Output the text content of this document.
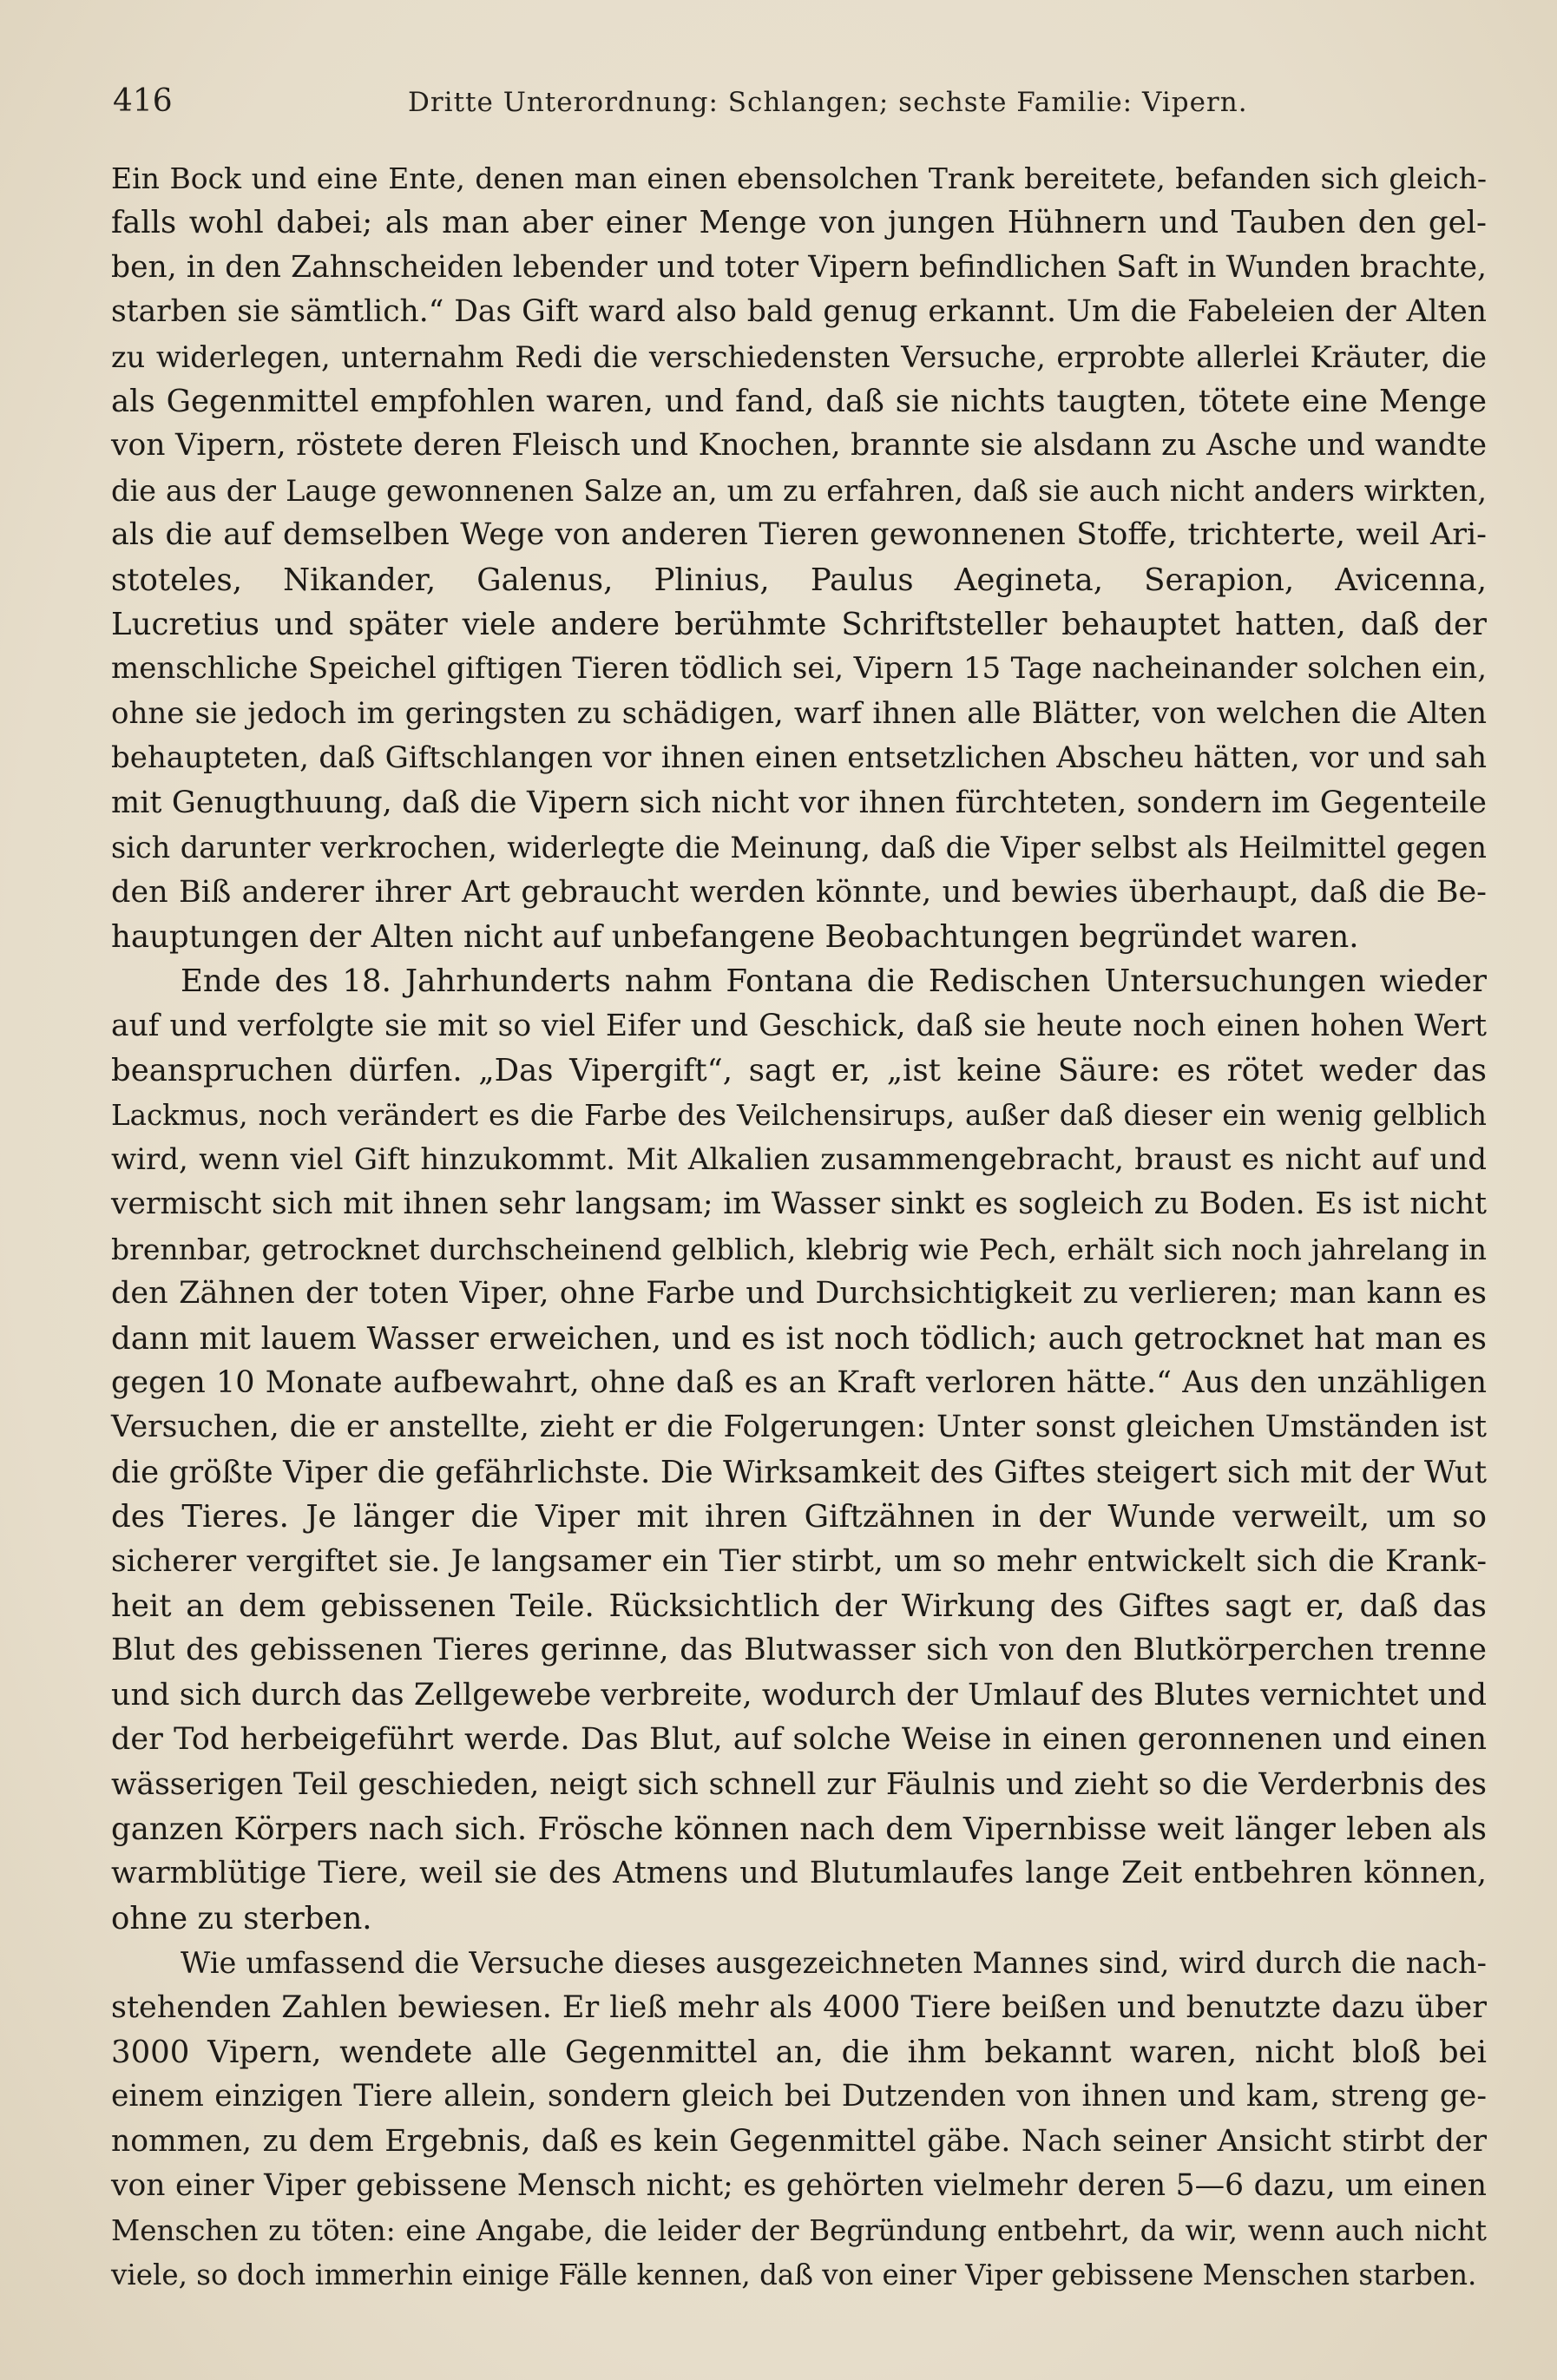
416	Dritte Unterordnung: Schlangen; sechste Familie: Vipern.
Ein Bock und eine Ente, denen man einen ebensolchen Trank bereitete, befanden sich gleich-
falls wohl dabei; als man aber einer Menge von jungen Hühnern und Tauben den gel-
ben, in den Zahnscheiden lebender und toter Vipern befindlichen Saft in Wunden brachte,
starben sie sämtlich.“ Das Gift ward also bald genug erkannt. Um die Fabeleien der Alten
zu widerlegen, unternahm Redi die verschiedensten Versuche, erprobte allerlei Kräuter, die
als Gegenmittel empfohlen waren, und fand, daß sie nichts taugten, tötete eine Menge
von Vipern, röstete deren Fleisch und Knochen, brannte sie alsdann zu Asche und wandte
die aus der Lauge gewonnenen Salze an, um zu erfahren, daß sie auch nicht anders wirkten,
als die auf demselben Wege von anderen Tieren gewonnenen Stoffe, trichterte, weil Ari-
stoteles, Nikander, Galenus, Plinius, Paulus Aegineta, Serapion, Avicenna,
Lucretius und später viele andere berühmte Schriftsteller behauptet hatten, daß der
menschliche Speichel giftigen Tieren tödlich sei, Vipern 15 Tage nacheinander solchen ein,
ohne sie jedoch im geringsten zu schädigen, warf ihnen alle Blätter, von welchen die Alten
behaupteten, daß Giftschlangen vor ihnen einen entsetzlichen Abscheu hätten, vor und sah
mit Genugthuung, daß die Vipern sich nicht vor ihnen fürchteten, sondern im Gegenteile
sich darunter verkrochen, widerlegte die Meinung, daß die Viper selbst als Heilmittel gegen
den Biß anderer ihrer Art gebraucht werden könnte, und bewies überhaupt, daß die Be-
hauptungen der Alten nicht auf unbefangene Beobachtungen begründet waren.
Ende des 18. Jahrhunderts nahm Fontana die Redischen Untersuchungen wieder
auf und verfolgte sie mit so viel Eifer und Geschick, daß sie heute noch einen hohen Wert
beanspruchen dürfen. „Das Vipergift“, sagt er, „ist keine Säure: es rötet weder das
Lackmus, noch verändert es die Farbe des Veilchensirups, außer daß dieser ein wenig gelblich
wird, wenn viel Gift hinzukommt. Mit Alkalien zusammengebracht, braust es nicht auf und
vermischt sich mit ihnen sehr langsam; im Wasser sinkt es sogleich zu Boden. Es ist nicht
brennbar, getrocknet durchscheinend gelblich, klebrig wie Pech, erhält sich noch jahrelang in
den Zähnen der toten Viper, ohne Farbe und Durchsichtigkeit zu verlieren; man kann es
dann mit lauem Wasser erweichen, und es ist noch tödlich; auch getrocknet hat man es
gegen 10 Monate aufbewahrt, ohne daß es an Kraft verloren hätte.“ Aus den unzähligen
Versuchen, die er anstellte, zieht er die Folgerungen: Unter sonst gleichen Umständen ist
die größte Viper die gefährlichste. Die Wirksamkeit des Giftes steigert sich mit der Wut
des Tieres. Je länger die Viper mit ihren Giftzähnen in der Wunde verweilt, um so
sicherer vergiftet sie. Je langsamer ein Tier stirbt, um so mehr entwickelt sich die Krank-
heit an dem gebissenen Teile. Rücksichtlich der Wirkung des Giftes sagt er, daß das
Blut des gebissenen Tieres gerinne, das Blutwasser sich von den Blutkörperchen trenne
und sich durch das Zellgewebe verbreite, wodurch der Umlauf des Blutes vernichtet und
der Tod herbeigeführt werde. Das Blut, auf solche Weise in einen geronnenen und einen
wässerigen Teil geschieden, neigt sich schnell zur Fäulnis und zieht so die Verderbnis des
ganzen Körpers nach sich. Frösche können nach dem Vipernbisse weit länger leben als
warmblütige Tiere, weil sie des Atmens und Blutumlaufes lange Zeit entbehren können,
ohne zu sterben.
Wie umfassend die Versuche dieses ausgezeichneten Mannes sind, wird durch die nach-
stehenden Zahlen bewiesen. Er ließ mehr als 4000 Tiere beißen und benutzte dazu über
3000 Vipern, wendete alle Gegenmittel an, die ihm bekannt waren, nicht bloß bei
einem einzigen Tiere allein, sondern gleich bei Dutzenden von ihnen und kam, streng ge-
nommen, zu dem Ergebnis, daß es kein Gegenmittel gäbe. Nach seiner Ansicht stirbt der
von einer Viper gebissene Mensch nicht; es gehörten vielmehr deren 5—6 dazu, um einen
Menschen zu töten: eine Angabe, die leider der Begründung entbehrt, da wir, wenn auch nicht
viele, so doch immerhin einige Fälle kennen, daß von einer Viper gebissene Menschen starben.
